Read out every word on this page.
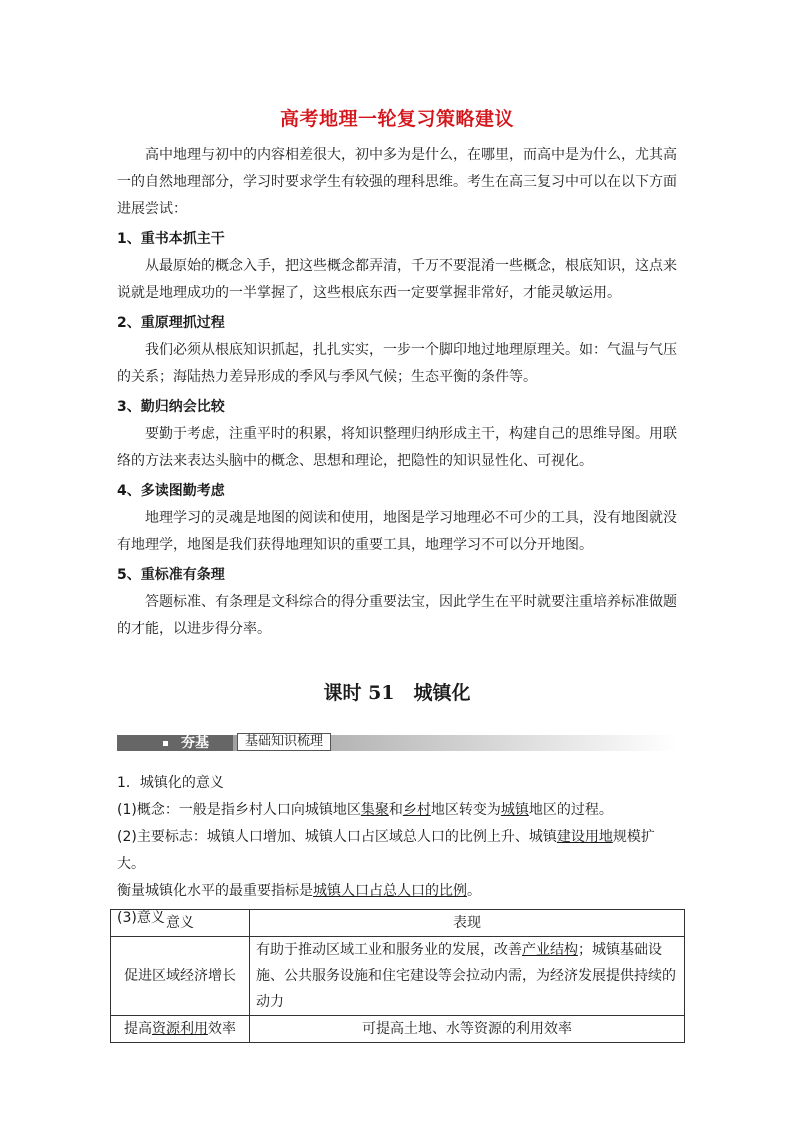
高考地理一轮复习策略建议

高中地理与初中的内容相差很大，初中多为是什么，在哪里，而高中是为什么，尤其高一的自然地理部分，学习时要求学生有较强的理科思维。考生在高三复习中可以在以下方面进展尝试：

1、重书本抓主干

从最原始的概念入手，把这些概念都弄清，千万不要混淆一些概念，根底知识，这点来说就是地理成功的一半掌握了，这些根底东西一定要掌握非常好，才能灵敏运用。

2、重原理抓过程

我们必须从根底知识抓起，扎扎实实，一步一个脚印地过地理原理关。如：气温与气压的关系；海陆热力差异形成的季风与季风气候；生态平衡的条件等。

3、勤归纳会比较

要勤于考虑，注重平时的积累，将知识整理归纳形成主干，构建自己的思维导图。用联络的方法来表达头脑中的概念、思想和理论，把隐性的知识显性化、可视化。

4、多读图勤考虑

地理学习的灵魂是地图的阅读和使用，地图是学习地理必不可少的工具，没有地图就没有地理学，地图是我们获得地理知识的重要工具，地理学习不可以分开地图。

5、重标准有条理

答题标准、有条理是文科综合的得分重要法宝，因此学生在平时就要注重培养标准做题的才能，以进步得分率。

课时 51　城镇化
夯基	基础知识梳理

1．城镇化的意义

(1)概念：一般是指乡村人口向城镇地区集聚和乡村地区转变为城镇地区的过程。

(2)主要标志：城镇人口增加、城镇人口占区域总人口的比例上升、城镇建设用地规模扩大。

衡量城镇化水平的最重要指标是城镇人口占总人口的比例。

(3)意义 意义	表现
促进区域经济增长	有助于推动区域工业和服务业的发展，改善产业结构；城镇基础设施、公共服务设施和住宅建设等会拉动内需，为经济发展提供持续的动力
提高资源利用效率	可提高土地、水等资源的利用效率
